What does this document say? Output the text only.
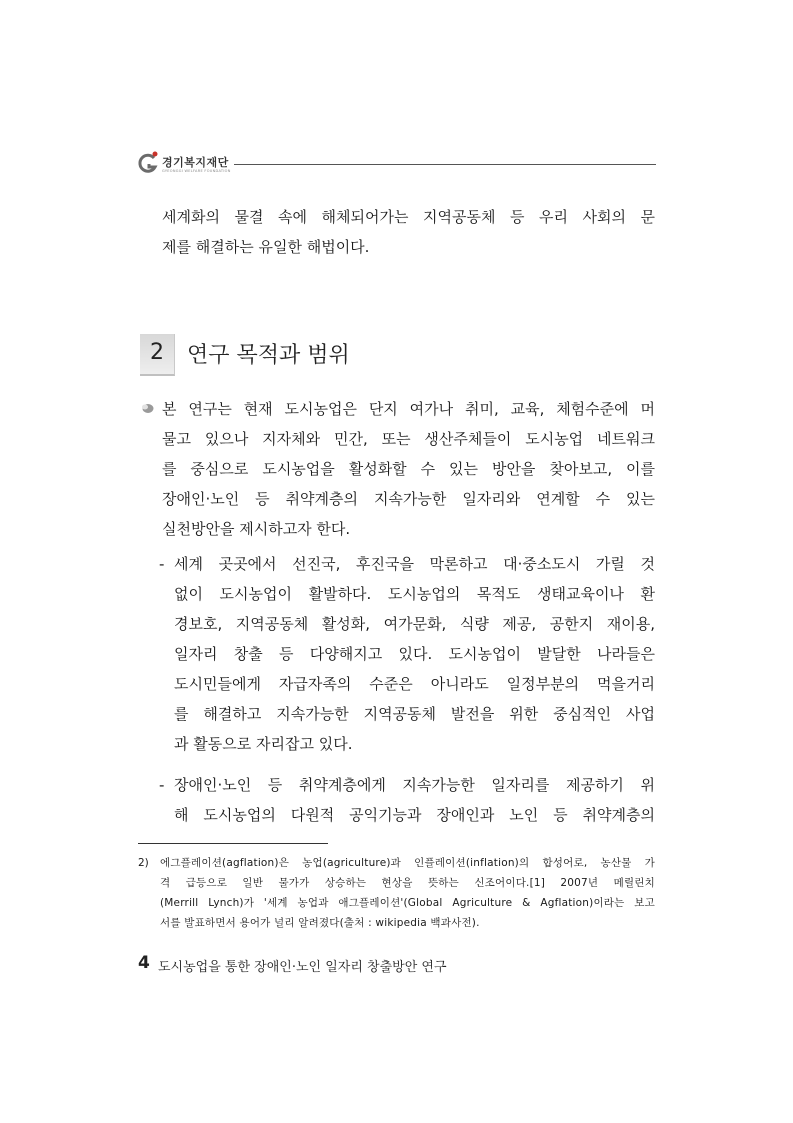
경기복지재단
GYEONGGI WELFARE FOUNDATION
세계화의 물결 속에 해체되어가는 지역공동체 등 우리 사회의 문
제를 해결하는 유일한 해법이다.
2	연구 목적과 범위
본 연구는 현재 도시농업은 단지 여가나 취미, 교육, 체험수준에 머
물고 있으나 지자체와 민간, 또는 생산주체들이 도시농업 네트워크
를 중심으로 도시농업을 활성화할 수 있는 방안을 찾아보고, 이를
장애인·노인 등 취약계층의 지속가능한 일자리와 연계할 수 있는
실천방안을 제시하고자 한다.
- 세계 곳곳에서 선진국, 후진국을 막론하고 대·중소도시 가릴 것
없이 도시농업이 활발하다. 도시농업의 목적도 생태교육이나 환
경보호, 지역공동체 활성화, 여가문화, 식량 제공, 공한지 재이용,
일자리 창출 등 다양해지고 있다. 도시농업이 발달한 나라들은
도시민들에게 자급자족의 수준은 아니라도 일정부분의 먹을거리
를 해결하고 지속가능한 지역공동체 발전을 위한 중심적인 사업
과 활동으로 자리잡고 있다.
- 장애인·노인 등 취약계층에게 지속가능한 일자리를 제공하기 위
해 도시농업의 다원적 공익기능과 장애인과 노인 등 취약계층의
2) 에그플레이션(agflation)은 농업(agriculture)과 인플레이션(inflation)의 합성어로, 농산물 가
격 급등으로 일반 물가가 상승하는 현상을 뜻하는 신조어이다.[1] 2007년 메릴린치
(Merrill Lynch)가 '세계 농업과 애그플레이션'(Global Agriculture & Agflation)이라는 보고
서를 발표하면서 용어가 널리 알려졌다(출처 : wikipedia 백과사전).
4 도시농업을 통한 장애인·노인 일자리 창출방안 연구
